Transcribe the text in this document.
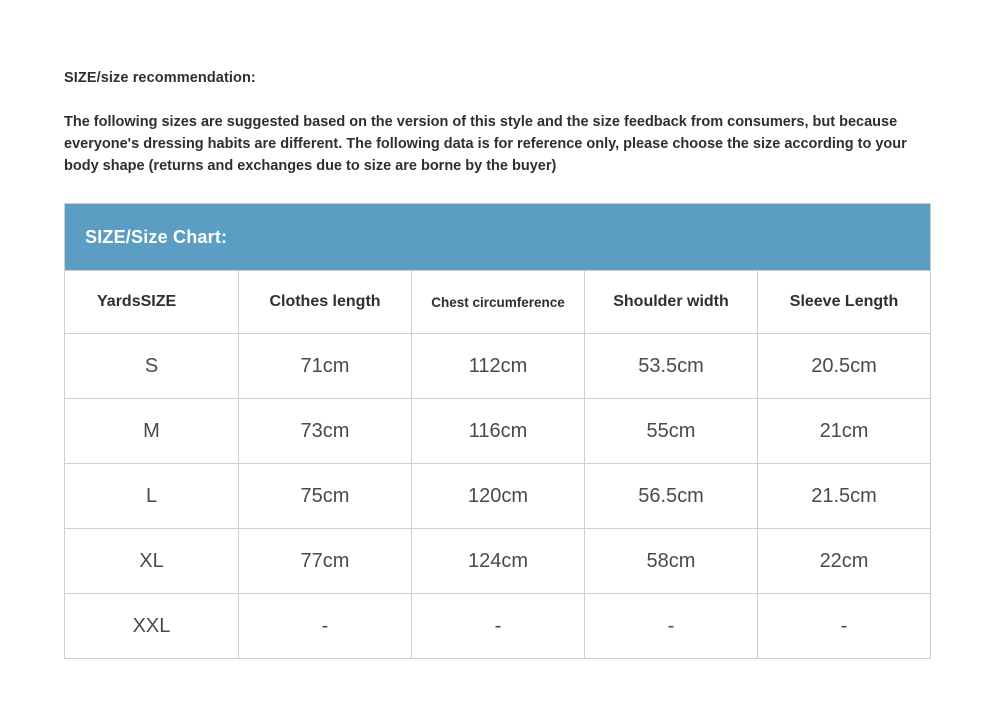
SIZE/size recommendation:

The following sizes are suggested based on the version of this style and the size feedback from consumers, but because everyone's dressing habits are different. The following data is for reference only, please choose the size according to your body shape (returns and exchanges due to size are borne by the buyer)

SIZE/Size Chart:				
YardsSIZE	Clothes length	Chest circumference	Shoulder width	Sleeve Length
S	71cm	112cm	53.5cm	20.5cm
M	73cm	116cm	55cm	21cm
L	75cm	120cm	56.5cm	21.5cm
XL	77cm	124cm	58cm	22cm
XXL	-	-	-	-
